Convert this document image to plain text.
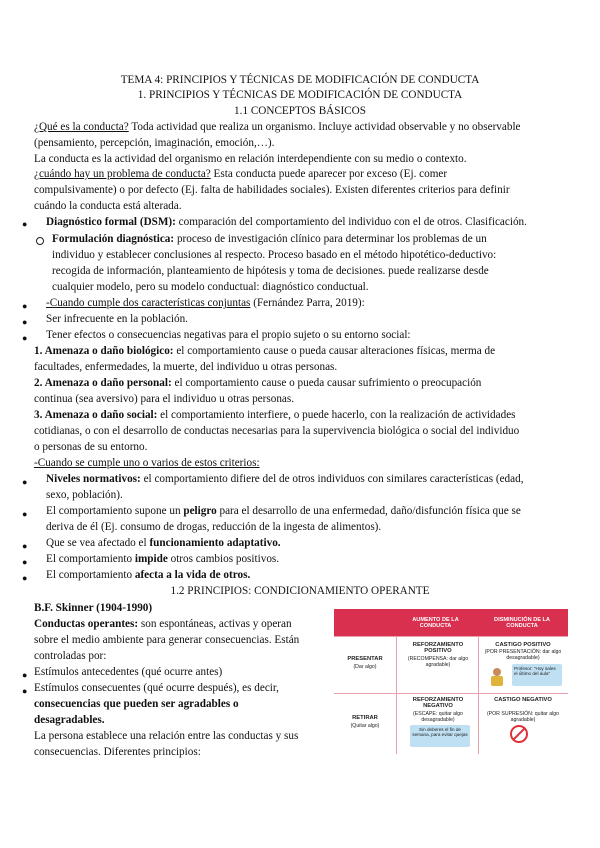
TEMA 4: PRINCIPIOS Y TÉCNICAS DE MODIFICACIÓN DE CONDUCTA
1. PRINCIPIOS Y TÉCNICAS DE MODIFICACIÓN DE CONDUCTA
1.1 CONCEPTOS BÁSICOS
¿Qué es la conducta? Toda actividad que realiza un organismo. Incluye actividad observable y no observable
(pensamiento, percepción, imaginación, emoción,…).
La conducta es la actividad del organismo en relación interdependiente con su medio o contexto.
¿cuándo hay un problema de conducta? Esta conducta puede aparecer por exceso (Ej. comer
compulsivamente) o por defecto (Ej. falta de habilidades sociales). Existen diferentes criterios para definir
cuándo la conducta está alterada.
● Diagnóstico formal (DSM): comparación del comportamiento del individuo con el de otros. Clasificación.
Formulación diagnóstica: proceso de investigación clínico para determinar los problemas de un
individuo y establecer conclusiones al respecto. Proceso basado en el método hipotético-deductivo:
recogida de información, planteamiento de hipótesis y toma de decisiones. puede realizarse desde
cualquier modelo, pero su modelo conductual: diagnóstico conductual.
● -Cuando cumple dos características conjuntas (Fernández Parra, 2019):
● Ser infrecuente en la población.
● Tener efectos o consecuencias negativas para el propio sujeto o su entorno social:
1. Amenaza o daño biológico: el comportamiento cause o pueda causar alteraciones físicas, merma de
facultades, enfermedades, la muerte, del individuo u otras personas.
2. Amenaza o daño personal: el comportamiento cause o pueda causar sufrimiento o preocupación
continua (sea aversivo) para el individuo u otras personas.
3. Amenaza o daño social: el comportamiento interfiere, o puede hacerlo, con la realización de actividades
cotidianas, o con el desarrollo de conductas necesarias para la supervivencia biológica o social del individuo
o personas de su entorno.
-Cuando se cumple uno o varios de estos criterios:
● Niveles normativos: el comportamiento difiere del de otros individuos con similares características (edad,
sexo, población).
● El comportamiento supone un peligro para el desarrollo de una enfermedad, daño/disfunción física que se
deriva de él (Ej. consumo de drogas, reducción de la ingesta de alimentos).
● Que se vea afectado el funcionamiento adaptativo.
● El comportamiento impide otros cambios positivos.
● El comportamiento afecta a la vida de otros.
1.2 PRINCIPIOS: CONDICIONAMIENTO OPERANTE
B.F. Skinner (1904-1990)
Conductas operantes: son espontáneas, activas y operan
sobre el medio ambiente para generar consecuencias. Están
controladas por:
● Estímulos antecedentes (qué ocurre antes)
● Estímulos consecuentes (qué ocurre después), es decir,
consecuencias que pueden ser agradables o
desagradables.
La persona establece una relación entre las conductas y sus
consecuencias. Diferentes principios:
AUMENTO DE LA CONDUCTA
DISMINUCIÓN DE LA CONDUCTA
PRESENTAR
(Dar algo)
RETIRAR
(Quitar algo)
REFORZAMIENTO POSITIVO
(RECOMPENSA: dar algo agradable)
CASTIGO POSITIVO
(POR PRESENTACIÓN: dar algo desagradable)
Profesor: "Hoy sales el último del aula"
REFORZAMIENTO NEGATIVO
(ESCAPE: quitar algo desagradable)
Sin deberes el fin de semana, para evitar quejas
CASTIGO NEGATIVO
(POR SUPRESIÓN: quitar algo agradable)
